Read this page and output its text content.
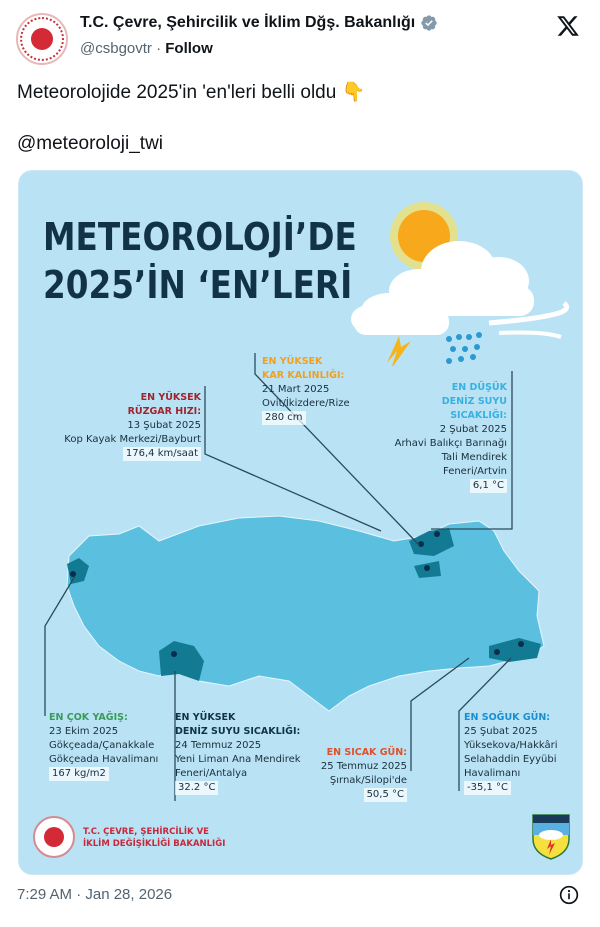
T.C. Çevre, Şehircilik ve İklim Dğş. Bakanlığı
@csbgovtr · Follow
Meteorolojide 2025'in 'en'leri belli oldu 👇
@meteoroloji_twi
METEOROLOJİ’DE
2025’İN ‘EN’LERİ
EN YÜKSEK
RÜZGAR HIZI:
13 Şubat 2025
Kop Kayak Merkezi/Bayburt
176,4 km/saat
EN YÜKSEK
KAR KALINLIĞI:
21 Mart 2025
Ovit/İkizdere/Rize
280 cm
EN DÜŞÜK
DENİZ SUYU
SICAKLIĞI:
2 Şubat 2025
Arhavi Balıkçı Barınağı
Tali Mendirek
Feneri/Artvin
6,1 °C
EN ÇOK YAĞIŞ:
23 Ekim 2025
Gökçeada/Çanakkale
Gökçeada Havalimanı
167 kg/m2
EN YÜKSEK
DENİZ SUYU SICAKLIĞI:
24 Temmuz 2025
Yeni Liman Ana Mendirek
Feneri/Antalya
32.2 °C
EN SICAK GÜN:
25 Temmuz 2025
Şırnak/Silopi'de
50,5 °C
EN SOĞUK GÜN:
25 Şubat 2025
Yüksekova/Hakkâri
Selahaddin Eyyübi
Havalimanı
-35,1 °C
T.C. ÇEVRE, ŞEHİRCİLİK VE
İKLİM DEĞİŞİKLİĞİ BAKANLIĞI
7:29 AM · Jan 28, 2026
